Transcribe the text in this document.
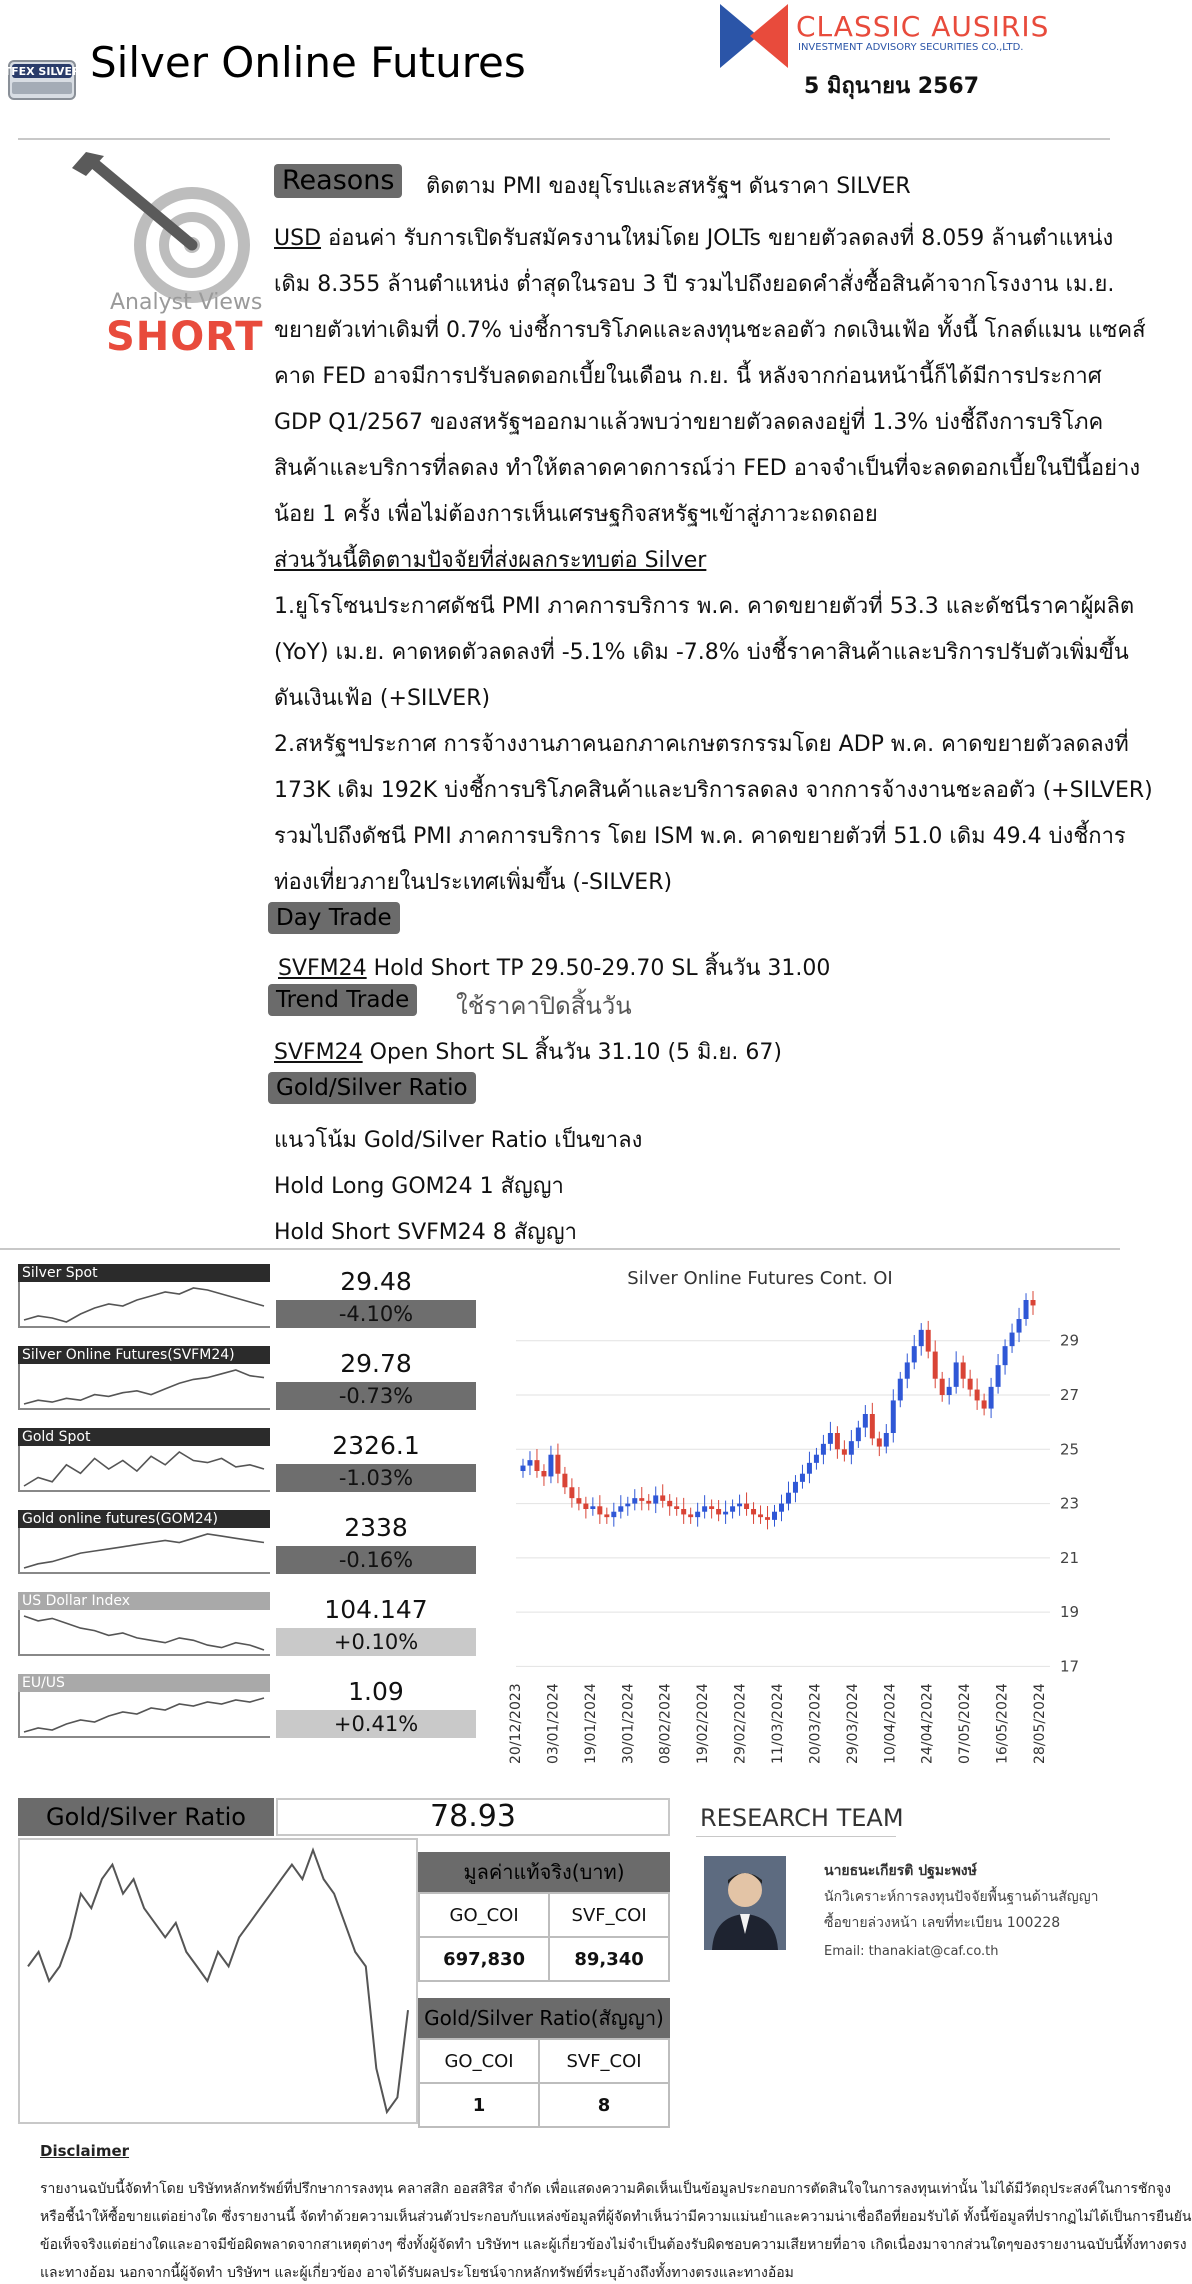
TFEX SILVER Silver Online Futures
CLASSIC AUSIRIS
INVESTMENT ADVISORY SECURITIES CO.,LTD.
5 มิถุนายน 2567
Analyst Views
SHORT
Reasons	ติดตาม PMI ของยุโรปและสหรัฐฯ ดันราคา SILVER
USD อ่อนค่า รับการเปิดรับสมัครงานใหม่โดย JOLTs ขยายตัวลดลงที่ 8.059 ล้านตำแหน่ง
เดิม 8.355 ล้านตำแหน่ง ต่ำสุดในรอบ 3 ปี รวมไปถึงยอดคำสั่งซื้อสินค้าจากโรงงาน เม.ย.
ขยายตัวเท่าเดิมที่ 0.7% บ่งชี้การบริโภคและลงทุนชะลอตัว กดเงินเฟ้อ ทั้งนี้ โกลด์แมน แซคส์
คาด FED อาจมีการปรับลดดอกเบี้ยในเดือน ก.ย. นี้ หลังจากก่อนหน้านี้ก็ได้มีการประกาศ
GDP Q1/2567 ของสหรัฐฯออกมาแล้วพบว่าขยายตัวลดลงอยู่ที่ 1.3% บ่งชี้ถึงการบริโภค
สินค้าและบริการที่ลดลง ทำให้ตลาดคาดการณ์ว่า FED อาจจำเป็นที่จะลดดอกเบี้ยในปีนี้อย่าง
น้อย 1 ครั้ง เพื่อไม่ต้องการเห็นเศรษฐกิจสหรัฐฯเข้าสู่ภาวะถดถอย
ส่วนวันนี้ติดตามปัจจัยที่ส่งผลกระทบต่อ Silver
1.ยูโรโซนประกาศดัชนี PMI ภาคการบริการ พ.ค. คาดขยายตัวที่ 53.3 และดัชนีราคาผู้ผลิต
(YoY) เม.ย. คาดหดตัวลดลงที่ -5.1% เดิม -7.8% บ่งชี้ราคาสินค้าและบริการปรับตัวเพิ่มขึ้น
ดันเงินเฟ้อ (+SILVER)
2.สหรัฐฯประกาศ การจ้างงานภาคนอกภาคเกษตรกรรมโดย ADP พ.ค. คาดขยายตัวลดลงที่
173K เดิม 192K บ่งชี้การบริโภคสินค้าและบริการลดลง จากการจ้างงานชะลอตัว (+SILVER)
รวมไปถึงดัชนี PMI ภาคการบริการ โดย ISM พ.ค. คาดขยายตัวที่ 51.0 เดิม 49.4 บ่งชี้การ
ท่องเที่ยวภายในประเทศเพิ่มขึ้น (-SILVER)
Day Trade
SVFM24 Hold Short TP 29.50-29.70 SL สิ้นวัน 31.00
Trend Trade	ใช้ราคาปิดสิ้นวัน
SVFM24 Open Short SL สิ้นวัน 31.10 (5 มิ.ย. 67)
Gold/Silver Ratio
แนวโน้ม Gold/Silver Ratio เป็นขาลง
Hold Long GOM24 1 สัญญา
Hold Short SVFM24 8 สัญญา
Silver Spot	29.48
-4.10%
Silver Online Futures(SVFM24)	29.78
-0.73%
Gold Spot	2326.1
-1.03%
Gold online futures(GOM24)	2338
-0.16%
US Dollar Index	104.147
+0.10%
EU/US	1.09
+0.41%
Silver Online Futures Cont. OI
17
19
21
23
25
27
29
20/12/2023 03/01/2024 19/01/2024 30/01/2024 08/02/2024 19/02/2024 29/02/2024 11/03/2024 20/03/2024 29/03/2024 10/04/2024 24/04/2024 07/05/2024 16/05/2024 28/05/2024
Gold/Silver Ratio	78.93
มูลค่าแท้จริง(บาท)
GO_COI	SVF_COI
697,830	89,340
Gold/Silver Ratio(สัญญา)
GO_COI	SVF_COI
1	8
RESEARCH TEAM
นายธนะเกียรติ ปฐมะพงษ์
นักวิเคราะห์การลงทุนปัจจัยพื้นฐานด้านสัญญา
ซื้อขายล่วงหน้า เลขที่ทะเบียน 100228
Email: thanakiat@caf.co.th
Disclaimer
รายงานฉบับนี้จัดทำโดย บริษัทหลักทรัพย์ที่ปรึกษาการลงทุน คลาสสิก ออสสิริส จำกัด เพื่อแสดงความคิดเห็นเป็นข้อมูลประกอบการตัดสินใจในการลงทุนเท่านั้น ไม่ได้มีวัตถุประสงค์ในการชักจูง
หรือชี้นำให้ซื้อขายแต่อย่างใด ซึ่งรายงานนี้ จัดทำด้วยความเห็นส่วนตัวประกอบกับแหล่งข้อมูลที่ผู้จัดทำเห็นว่ามีความแม่นยำและความน่าเชื่อถือที่ยอมรับได้ ทั้งนี้ข้อมูลที่ปรากฏไม่ได้เป็นการยืนยัน
ข้อเท็จจริงแต่อย่างใดและอาจมีข้อผิดพลาดจากสาเหตุต่างๆ ซึ่งทั้งผู้จัดทำ บริษัทฯ และผู้เกี่ยวข้องไม่จำเป็นต้องรับผิดชอบความเสียหายที่อาจ เกิดเนื่องมาจากส่วนใดๆของรายงานฉบับนี้ทั้งทางตรง
และทางอ้อม นอกจากนี้ผู้จัดทำ บริษัทฯ และผู้เกี่ยวข้อง อาจได้รับผลประโยชน์จากหลักทรัพย์ที่ระบุอ้างถึงทั้งทางตรงและทางอ้อม
